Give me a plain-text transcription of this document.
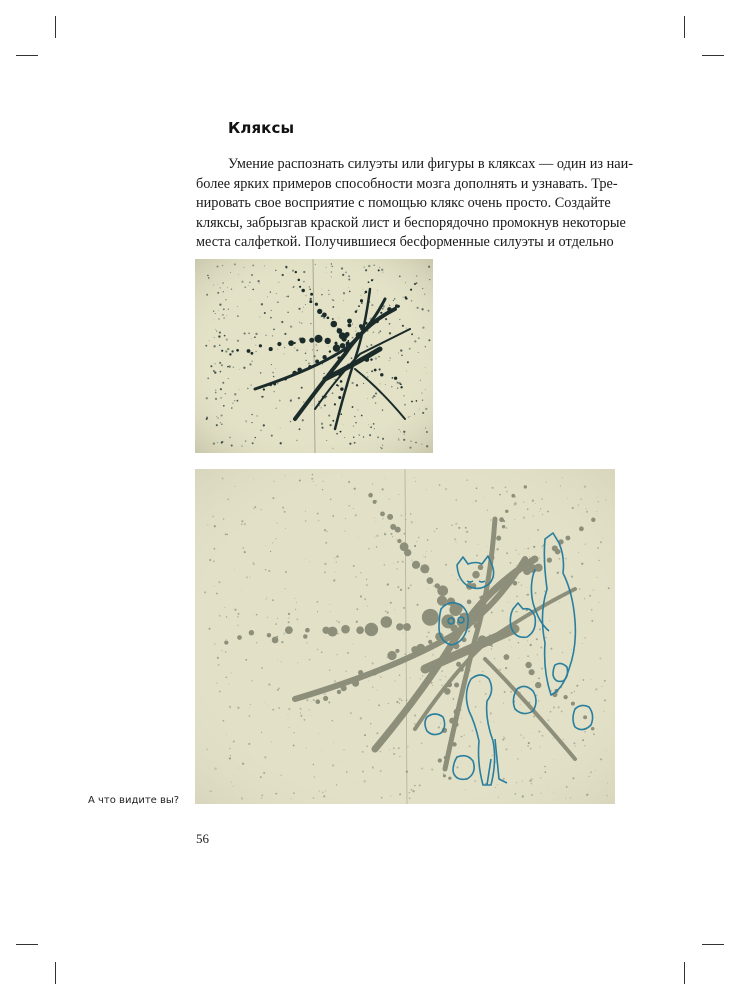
Кляксы
Умение распознать силуэты или фигуры в кляксах — один из наи-
более ярких примеров способности мозга дополнять и узнавать. Тре-
нировать свое восприятие с помощью клякс очень просто. Создайте
кляксы, забрызгав краской лист и беспорядочно промокнув некоторые
места салфеткой. Получившиеся бесформенные силуэты и отдельно
А что видите вы?
56
